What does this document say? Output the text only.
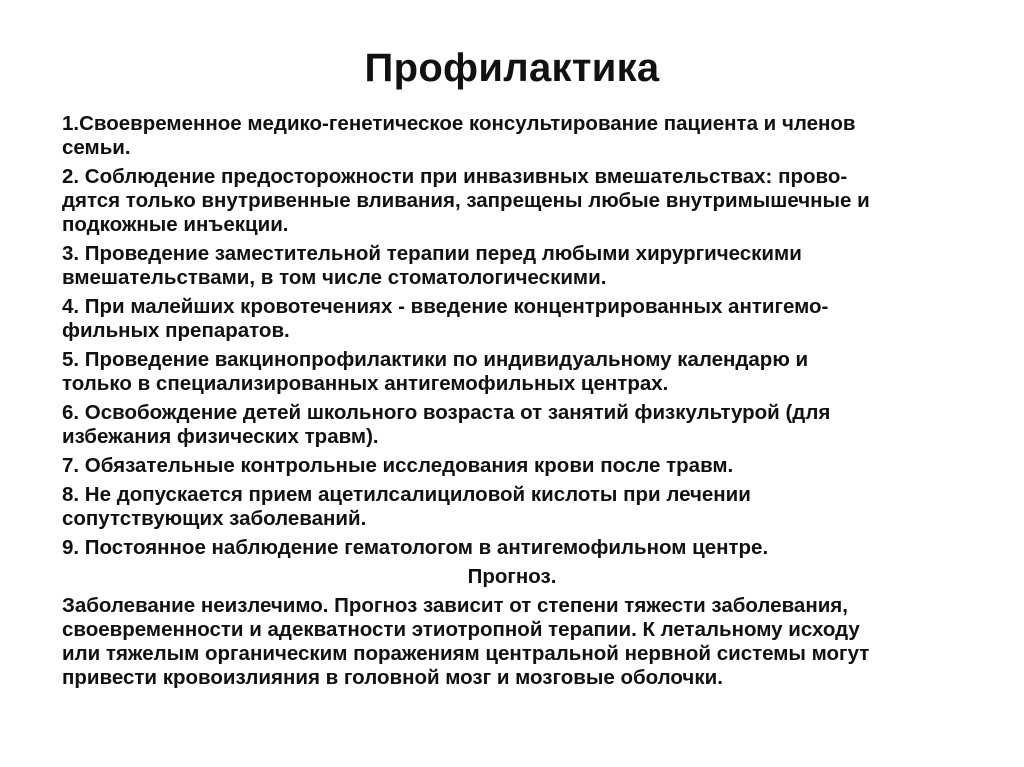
Профилактика

1.Своевременное медико-генетическое консультирование пациента и членов
семьи.

2. Соблюдение предосторожности при инвазивных вмешательствах: прово-
дятся только внутривенные вливания, запрещены любые внутримышечные и
подкожные инъекции.

3. Проведение заместительной терапии перед любыми хирургическими
вмешательствами, в том числе стоматологическими.

4. При малейших кровотечениях - введение концентрированных антигемо-
фильных препаратов.

5. Проведение вакцинопрофилактики по индивидуальному календарю и
только в специализированных антигемофильных центрах.

6. Освобождение детей школьного возраста от занятий физкультурой (для
избежания физических травм).

7. Обязательные контрольные исследования крови после травм.

8. Не допускается прием ацетилсалициловой кислоты при лечении
сопутствующих заболеваний.

9. Постоянное наблюдение гематологом в антигемофильном центре.

Прогноз.

Заболевание неизлечимо. Прогноз зависит от степени тяжести заболевания,
своевременности и адекватности этиотропной терапии. К летальному исходу
или тяжелым органическим поражениям центральной нервной системы могут
привести кровоизлияния в головной мозг и мозговые оболочки.
